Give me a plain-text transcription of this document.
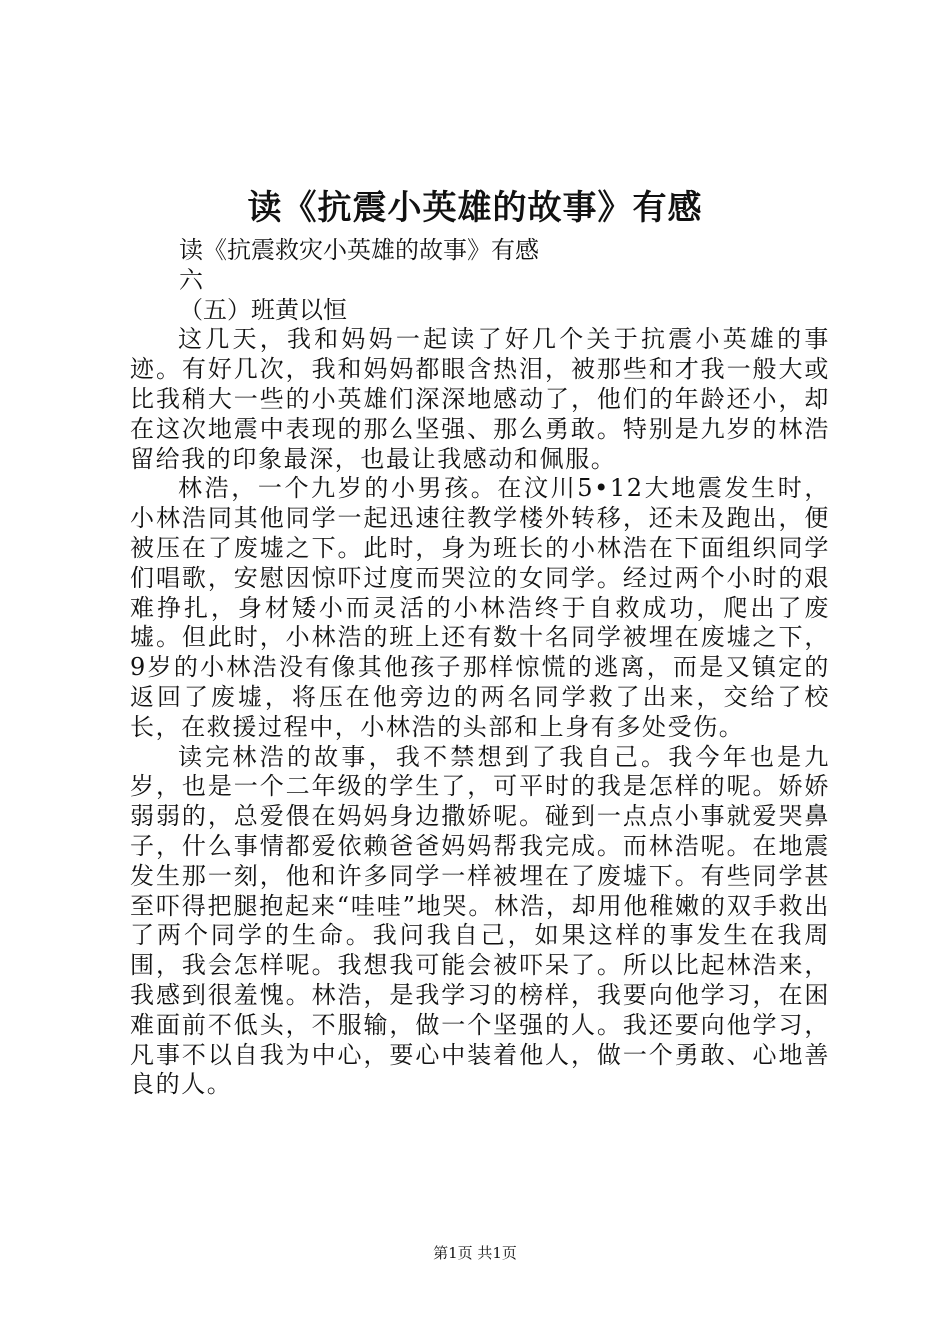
读《抗震小英雄的故事》有感

读《抗震救灾小英雄的故事》有感

六

（五）班黄以恒

这几天，我和妈妈一起读了好几个关于抗震小英雄的事迹。有好几次，我和妈妈都眼含热泪，被那些和才我一般大或比我稍大一些的小英雄们深深地感动了，他们的年龄还小，却在这次地震中表现的那么坚强、那么勇敢。特别是九岁的林浩留给我的印象最深，也最让我感动和佩服。

林浩，一个九岁的小男孩。在汶川5•12大地震发生时，小林浩同其他同学一起迅速往教学楼外转移，还未及跑出，便被压在了废墟之下。此时，身为班长的小林浩在下面组织同学们唱歌，安慰因惊吓过度而哭泣的女同学。经过两个小时的艰难挣扎，身材矮小而灵活的小林浩终于自救成功，爬出了废墟。但此时，小林浩的班上还有数十名同学被埋在废墟之下，9岁的小林浩没有像其他孩子那样惊慌的逃离，而是又镇定的返回了废墟，将压在他旁边的两名同学救了出来，交给了校长，在救援过程中，小林浩的头部和上身有多处受伤。

读完林浩的故事，我不禁想到了我自己。我今年也是九岁，也是一个二年级的学生了，可平时的我是怎样的呢。娇娇弱弱的，总爱偎在妈妈身边撒娇呢。碰到一点点小事就爱哭鼻子，什么事情都爱依赖爸爸妈妈帮我完成。而林浩呢。在地震发生那一刻，他和许多同学一样被埋在了废墟下。有些同学甚至吓得把腿抱起来“哇哇”地哭。林浩，却用他稚嫩的双手救出了两个同学的生命。我问我自己，如果这样的事发生在我周围，我会怎样呢。我想我可能会被吓呆了。所以比起林浩来，我感到很羞愧。林浩，是我学习的榜样，我要向他学习，在困难面前不低头，不服输，做一个坚强的人。我还要向他学习，凡事不以自我为中心，要心中装着他人，做一个勇敢、心地善良的人。

第1页 共1页
